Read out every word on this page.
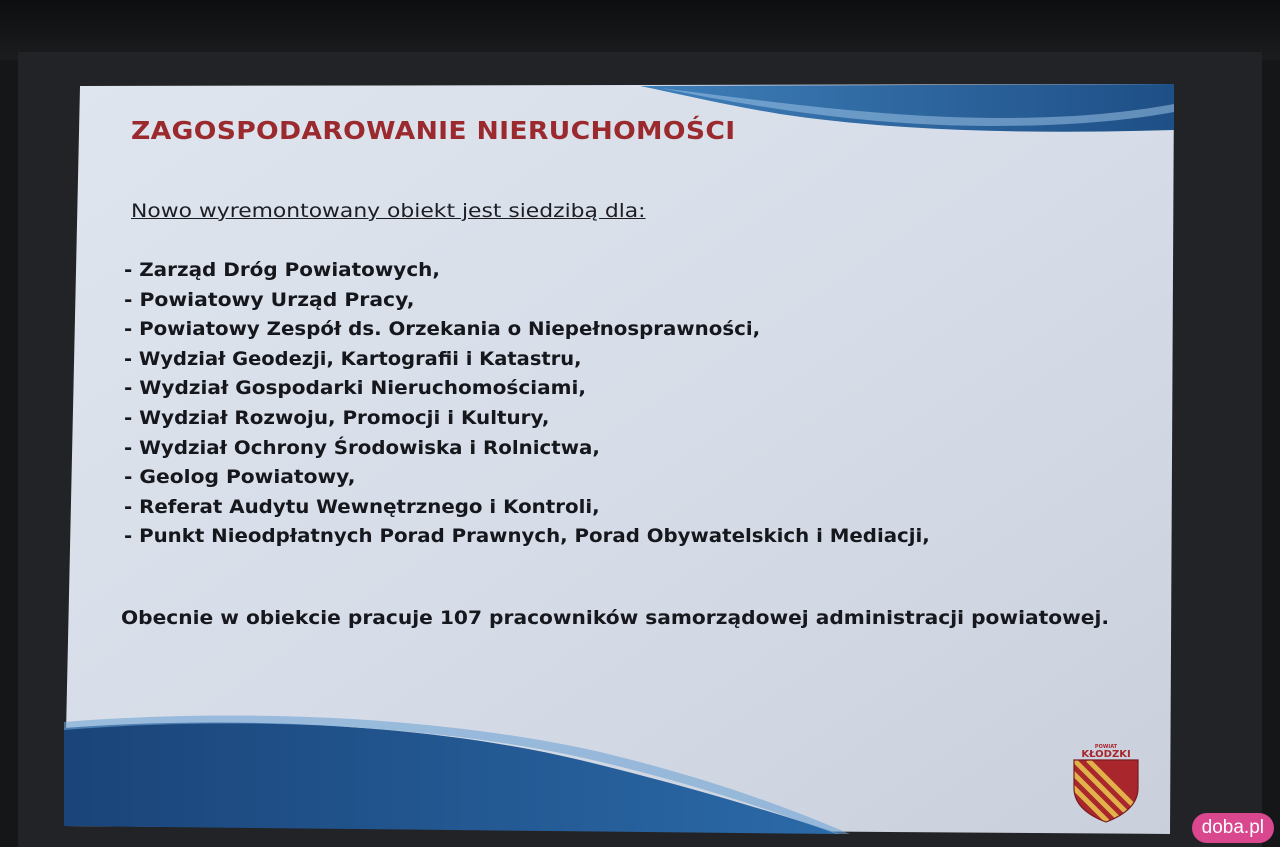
ZAGOSPODAROWANIE NIERUCHOMOŚCI

Nowo wyremontowany obiekt jest siedzibą dla:

- Zarząd Dróg Powiatowych,
- Powiatowy Urząd Pracy,
- Powiatowy Zespół ds. Orzekania o Niepełnosprawności,
- Wydział Geodezji, Kartografii i Katastru,
- Wydział Gospodarki Nieruchomościami,
- Wydział Rozwoju, Promocji i Kultury,
- Wydział Ochrony Środowiska i Rolnictwa,
- Geolog Powiatowy,
- Referat Audytu Wewnętrznego i Kontroli,
- Punkt Nieodpłatnych Porad Prawnych, Porad Obywatelskich i Mediacji,

Obecnie w obiekcie pracuje 107 pracowników samorządowej administracji powiatowej.

POWIAT
KŁODZKI
doba.pl
